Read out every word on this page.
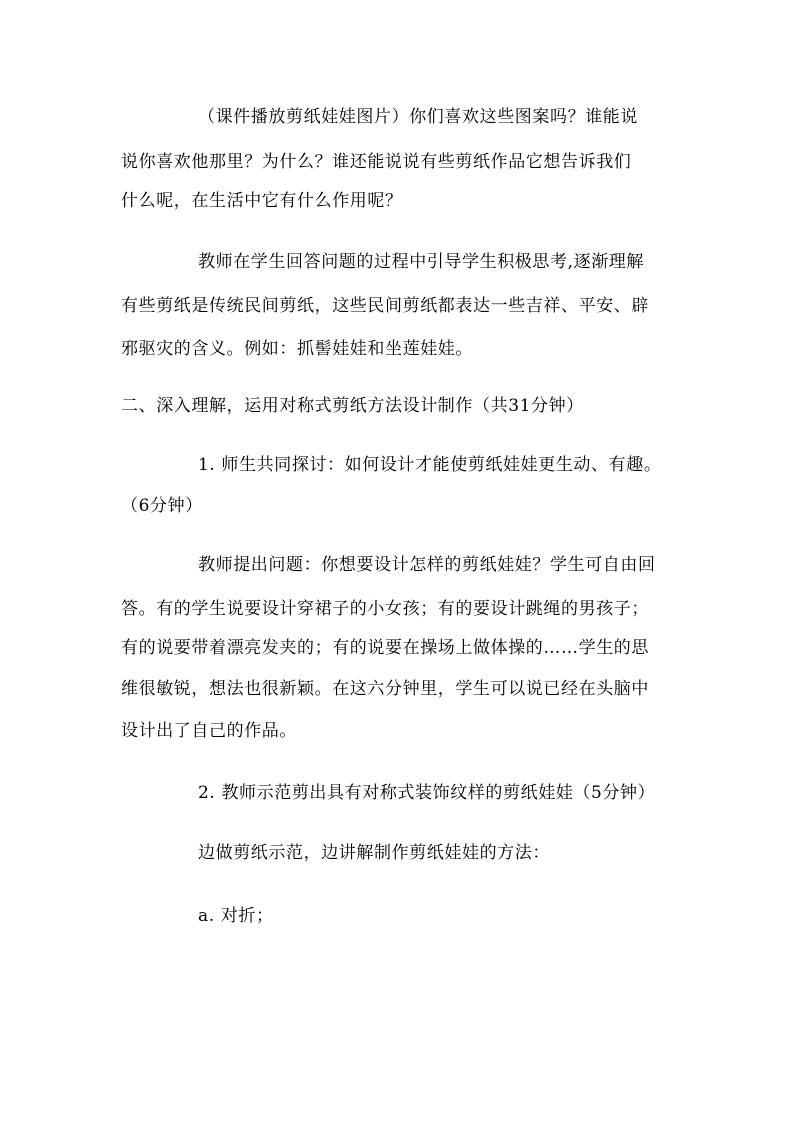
（课件播放剪纸娃娃图片）你们喜欢这些图案吗？谁能说
说你喜欢他那里？为什么？谁还能说说有些剪纸作品它想告诉我们
什么呢，在生活中它有什么作用呢？
教师在学生回答问题的过程中引导学生积极思考,逐渐理解
有些剪纸是传统民间剪纸，这些民间剪纸都表达一些吉祥、平安、辟
邪驱灾的含义。例如：抓髻娃娃和坐莲娃娃。
二、深入理解，运用对称式剪纸方法设计制作（共31分钟）
1. 师生共同探讨：如何设计才能使剪纸娃娃更生动、有趣。
（6分钟）
教师提出问题：你想要设计怎样的剪纸娃娃？学生可自由回
答。有的学生说要设计穿裙子的小女孩；有的要设计跳绳的男孩子；
有的说要带着漂亮发夹的；有的说要在操场上做体操的……学生的思
维很敏锐，想法也很新颖。在这六分钟里，学生可以说已经在头脑中
设计出了自己的作品。
2. 教师示范剪出具有对称式装饰纹样的剪纸娃娃（5分钟）
边做剪纸示范，边讲解制作剪纸娃娃的方法：
a. 对折；
